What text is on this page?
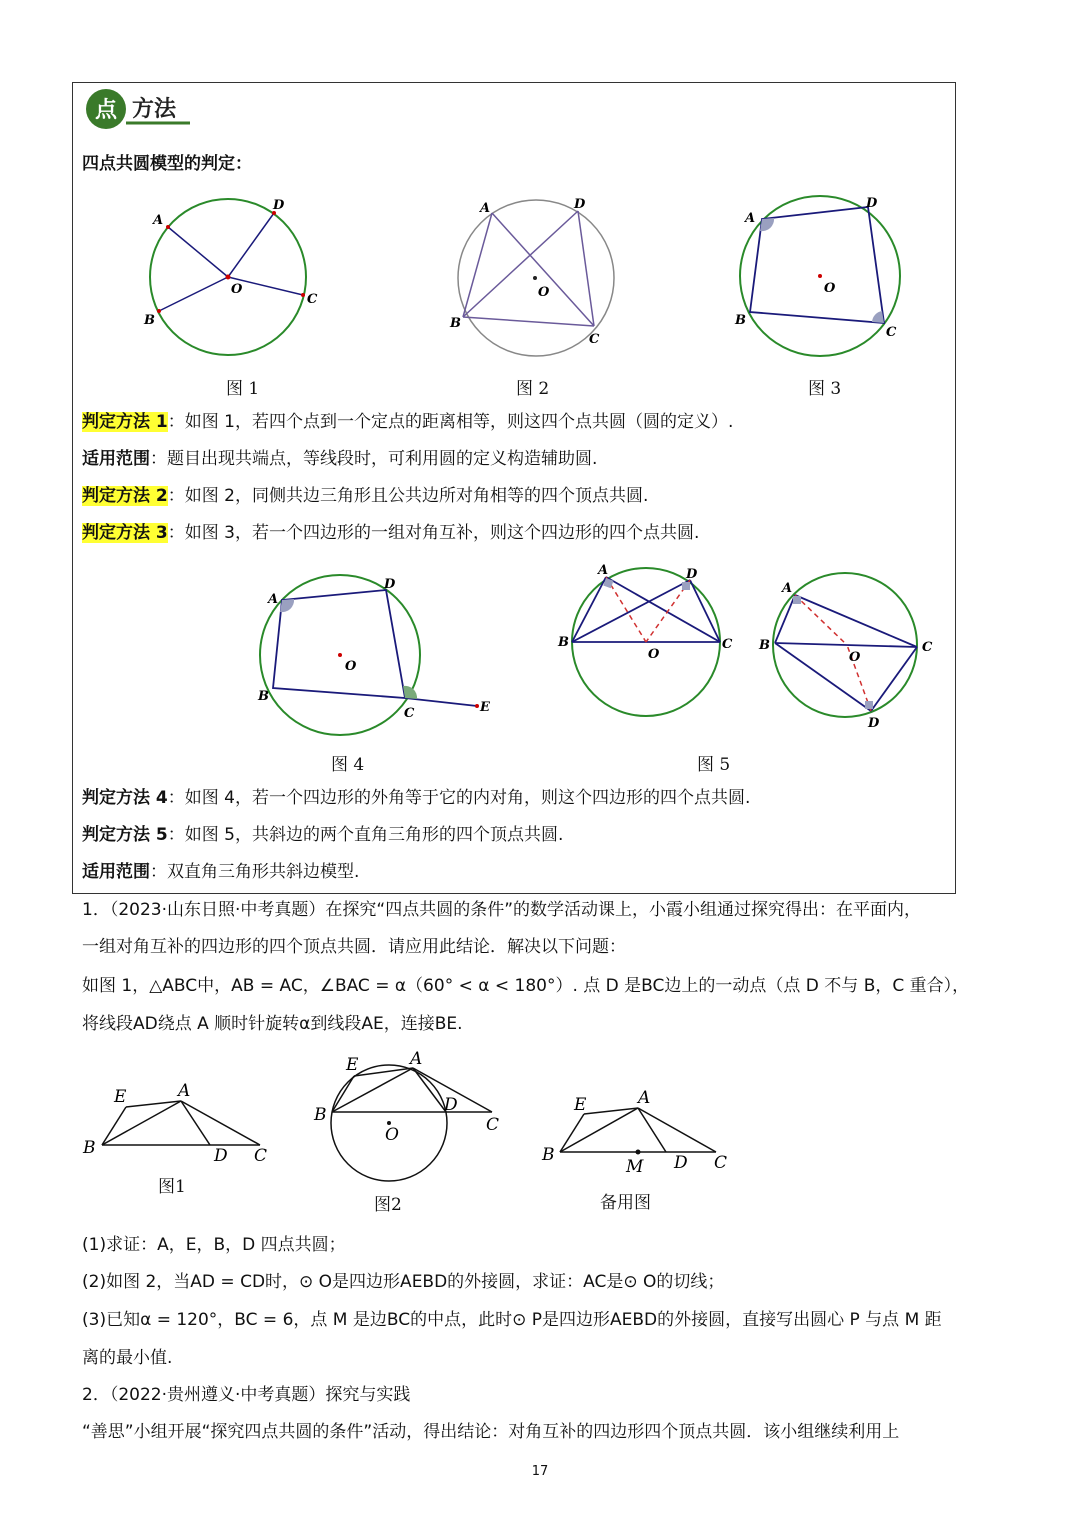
点 方法
四点共圆模型的判定：
A
D
C
B
O
图 1
A	D
C
B
O
图 2
A
D
C
B
O
图 3
判定方法 1：如图 1，若四个点到一个定点的距离相等，则这四个点共圆（圆的定义）.
适用范围：题目出现共端点，等线段时，可利用圆的定义构造辅助圆.
判定方法 2：如图 2，同侧共边三角形且公共边所对角相等的四个顶点共圆.
判定方法 3：如图 3，若一个四边形的一组对角互补，则这个四边形的四个点共圆.
A
D
C
B
E
O
图 4
A	D
B	C
O
A
D
B	C
O
图 5
判定方法 4：如图 4，若一个四边形的外角等于它的内对角，则这个四边形的四个点共圆.
判定方法 5：如图 5，共斜边的两个直角三角形的四个顶点共圆.
适用范围：双直角三角形共斜边模型.
1．（2023·山东日照·中考真题）在探究“四点共圆的条件”的数学活动课上，小霞小组通过探究得出：在平面内，
一组对角互补的四边形的四个顶点共圆．请应用此结论．解决以下问题：
如图 1，△ABC中，AB = AC，∠BAC = α（60° < α < 180°）. 点 D 是BC边上的一动点（点 D 不与 B，C 重合），
将线段AD绕点 A 顺时针旋转α到线段AE，连接BE.
B
E	A
D C
图1
B
E	A
D
C
O
图2
B
E	A
M D C
备用图
(1)求证：A，E，B，D 四点共圆；
(2)如图 2，当AD = CD时，⊙ O是四边形AEBD的外接圆，求证：AC是⊙ O的切线；
(3)已知α = 120°，BC = 6，点 M 是边BC的中点，此时⊙ P是四边形AEBD的外接圆，直接写出圆心 P 与点 M 距
离的最小值.
2．（2022·贵州遵义·中考真题）探究与实践
“善思”小组开展“探究四点共圆的条件”活动，得出结论：对角互补的四边形四个顶点共圆．该小组继续利用上
17
